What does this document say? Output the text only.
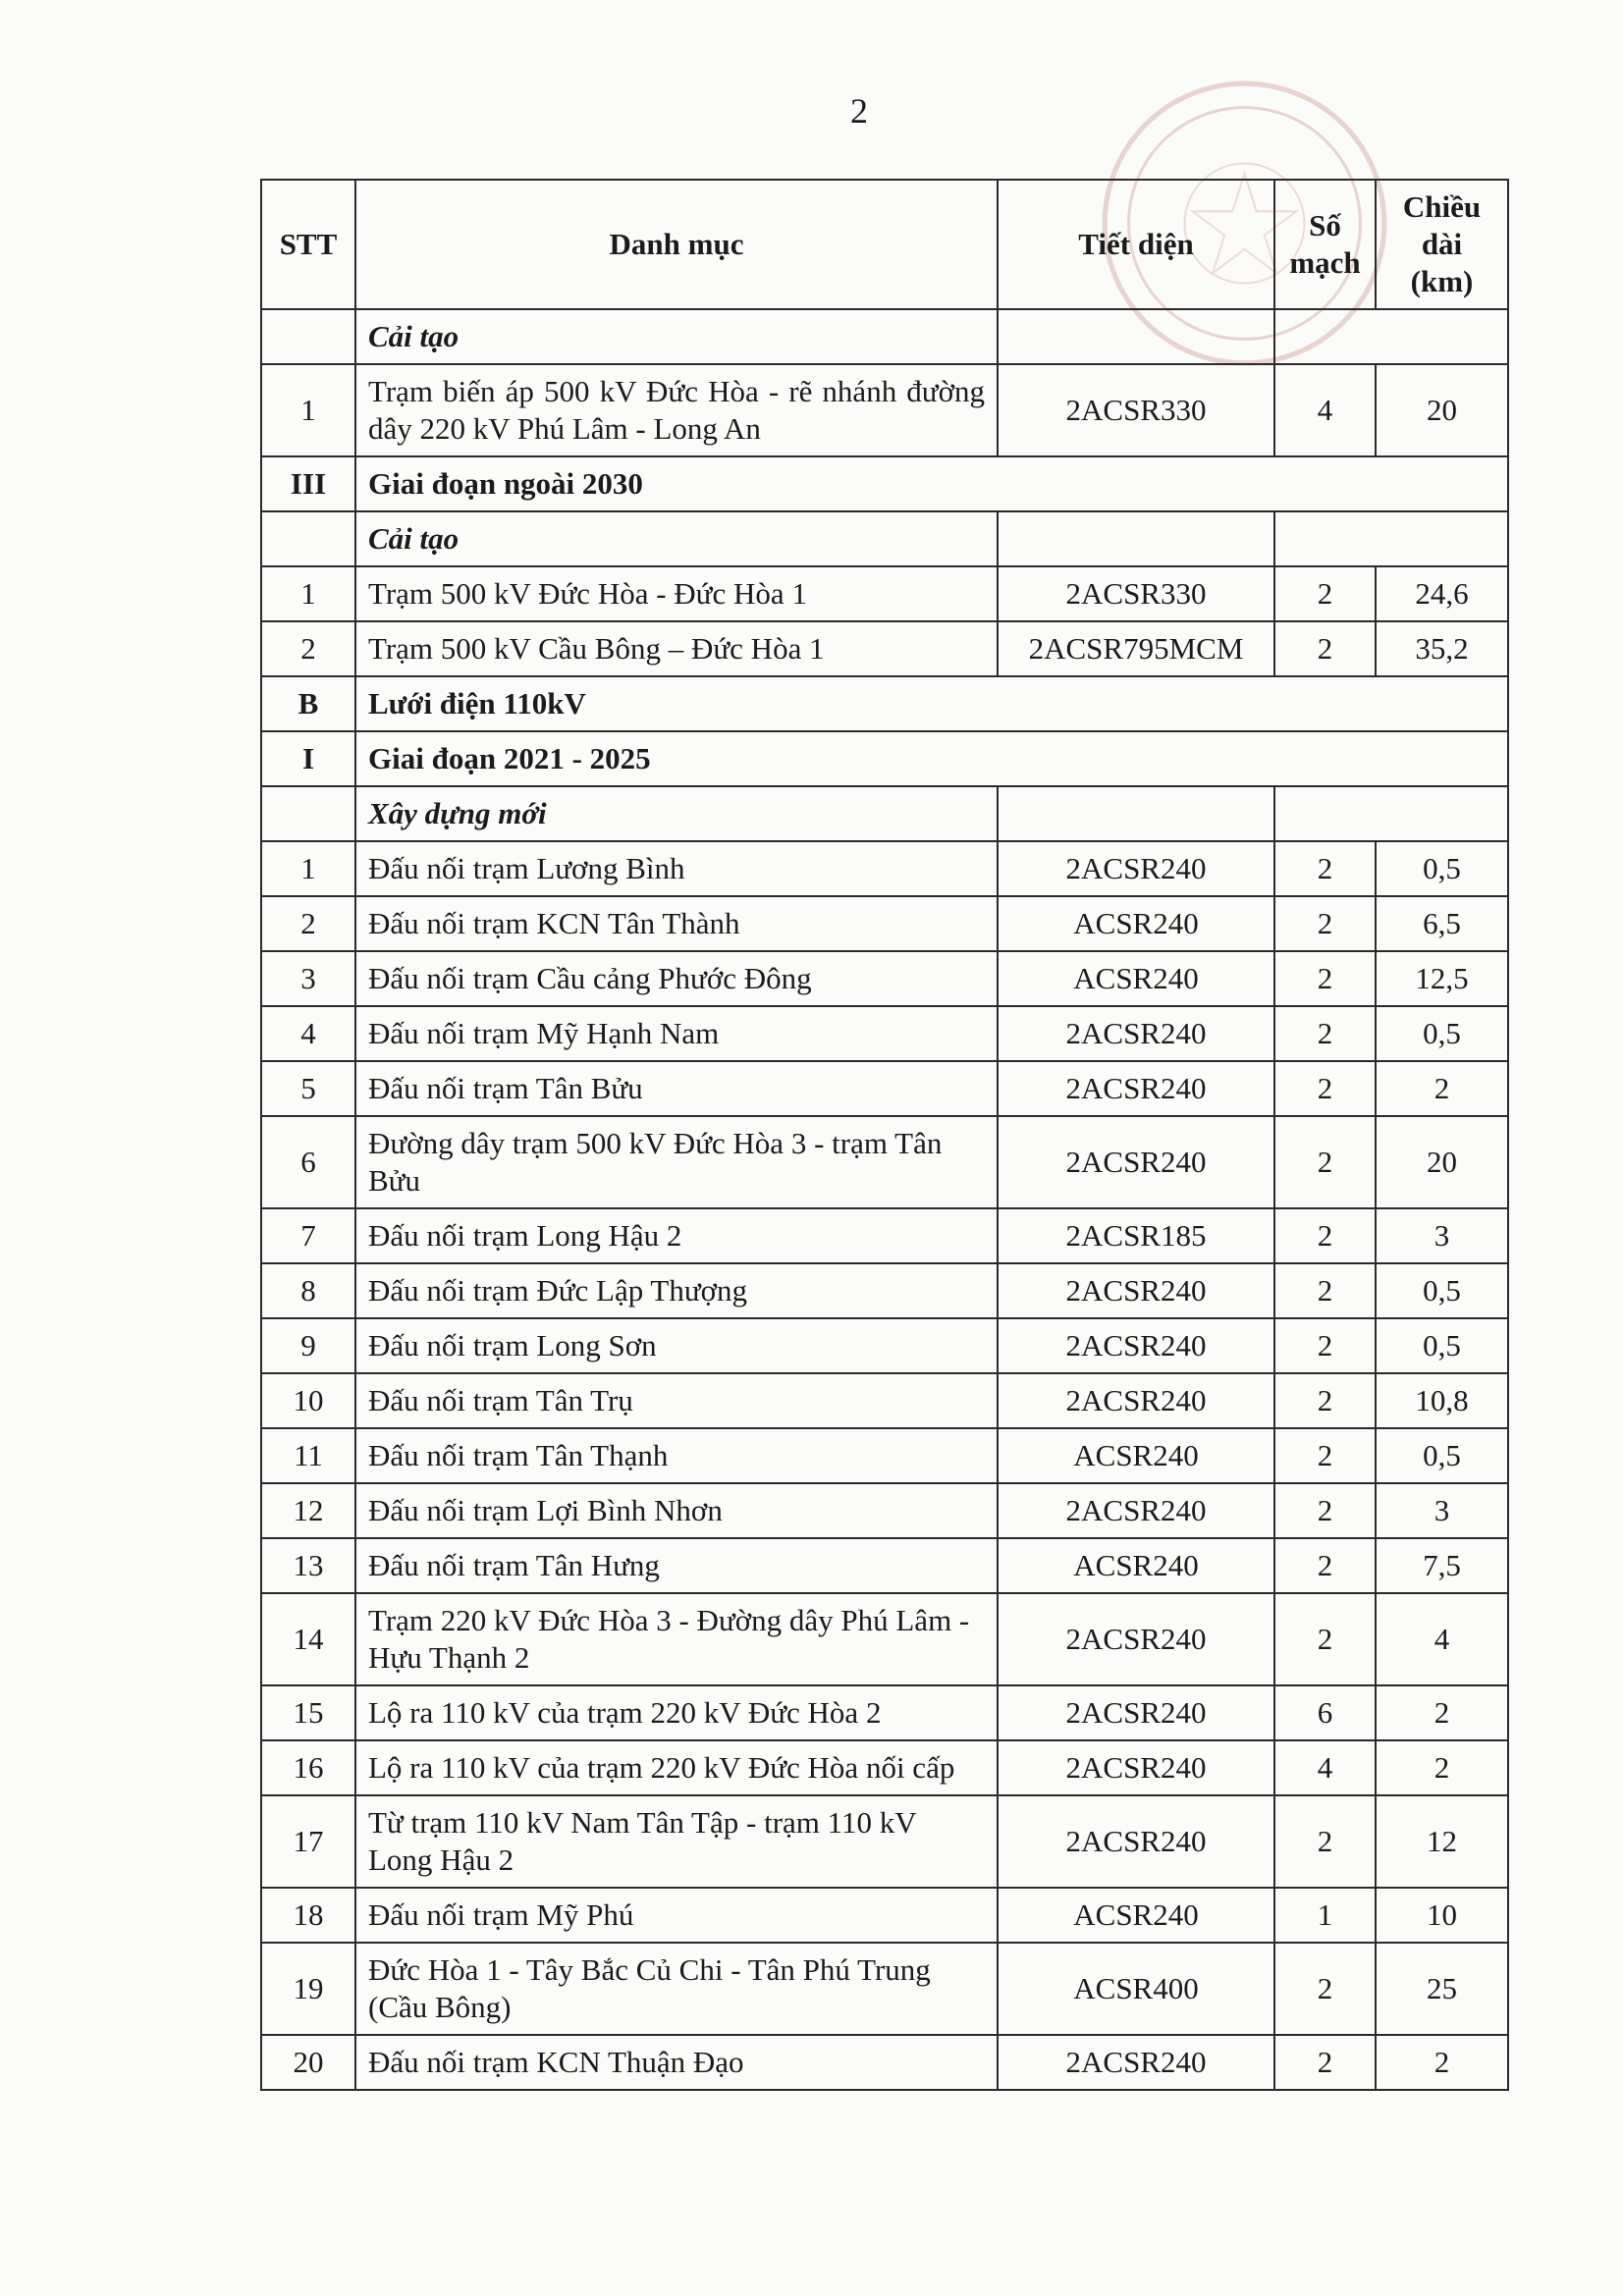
2
STT	Danh mục	Tiết diện	Số mạch	Chiều dài (km)
	Cải tạo			
1	Trạm biến áp 500 kV Đức Hòa - rẽ nhánh đường dây 220 kV Phú Lâm - Long An	2ACSR330	4	20
III	Giai đoạn ngoài 2030			
	Cải tạo			
1	Trạm 500 kV Đức Hòa - Đức Hòa 1	2ACSR330	2	24,6
2	Trạm 500 kV Cầu Bông – Đức Hòa 1	2ACSR795MCM	2	35,2
B	Lưới điện 110kV			
I	Giai đoạn 2021 - 2025			
	Xây dựng mới			
1	Đấu nối trạm Lương Bình	2ACSR240	2	0,5
2	Đấu nối trạm KCN Tân Thành	ACSR240	2	6,5
3	Đấu nối trạm Cầu cảng Phước Đông	ACSR240	2	12,5
4	Đấu nối trạm Mỹ Hạnh Nam	2ACSR240	2	0,5
5	Đấu nối trạm Tân Bửu	2ACSR240	2	2
6	Đường dây trạm 500 kV Đức Hòa 3 - trạm Tân Bửu	2ACSR240	2	20
7	Đấu nối trạm Long Hậu 2	2ACSR185	2	3
8	Đấu nối trạm Đức Lập Thượng	2ACSR240	2	0,5
9	Đấu nối trạm Long Sơn	2ACSR240	2	0,5
10	Đấu nối trạm Tân Trụ	2ACSR240	2	10,8
11	Đấu nối trạm Tân Thạnh	ACSR240	2	0,5
12	Đấu nối trạm Lợi Bình Nhơn	2ACSR240	2	3
13	Đấu nối trạm Tân Hưng	ACSR240	2	7,5
14	Trạm 220 kV Đức Hòa 3 - Đường dây Phú Lâm - Hựu Thạnh 2	2ACSR240	2	4
15	Lộ ra 110 kV của trạm 220 kV Đức Hòa 2	2ACSR240	6	2
16	Lộ ra 110 kV của trạm 220 kV Đức Hòa nối cấp	2ACSR240	4	2
17	Từ trạm 110 kV Nam Tân Tập - trạm 110 kV Long Hậu 2	2ACSR240	2	12
18	Đấu nối trạm Mỹ Phú	ACSR240	1	10
19	Đức Hòa 1 - Tây Bắc Củ Chi - Tân Phú Trung (Cầu Bông)	ACSR400	2	25
20	Đấu nối trạm KCN Thuận Đạo	2ACSR240	2	2
